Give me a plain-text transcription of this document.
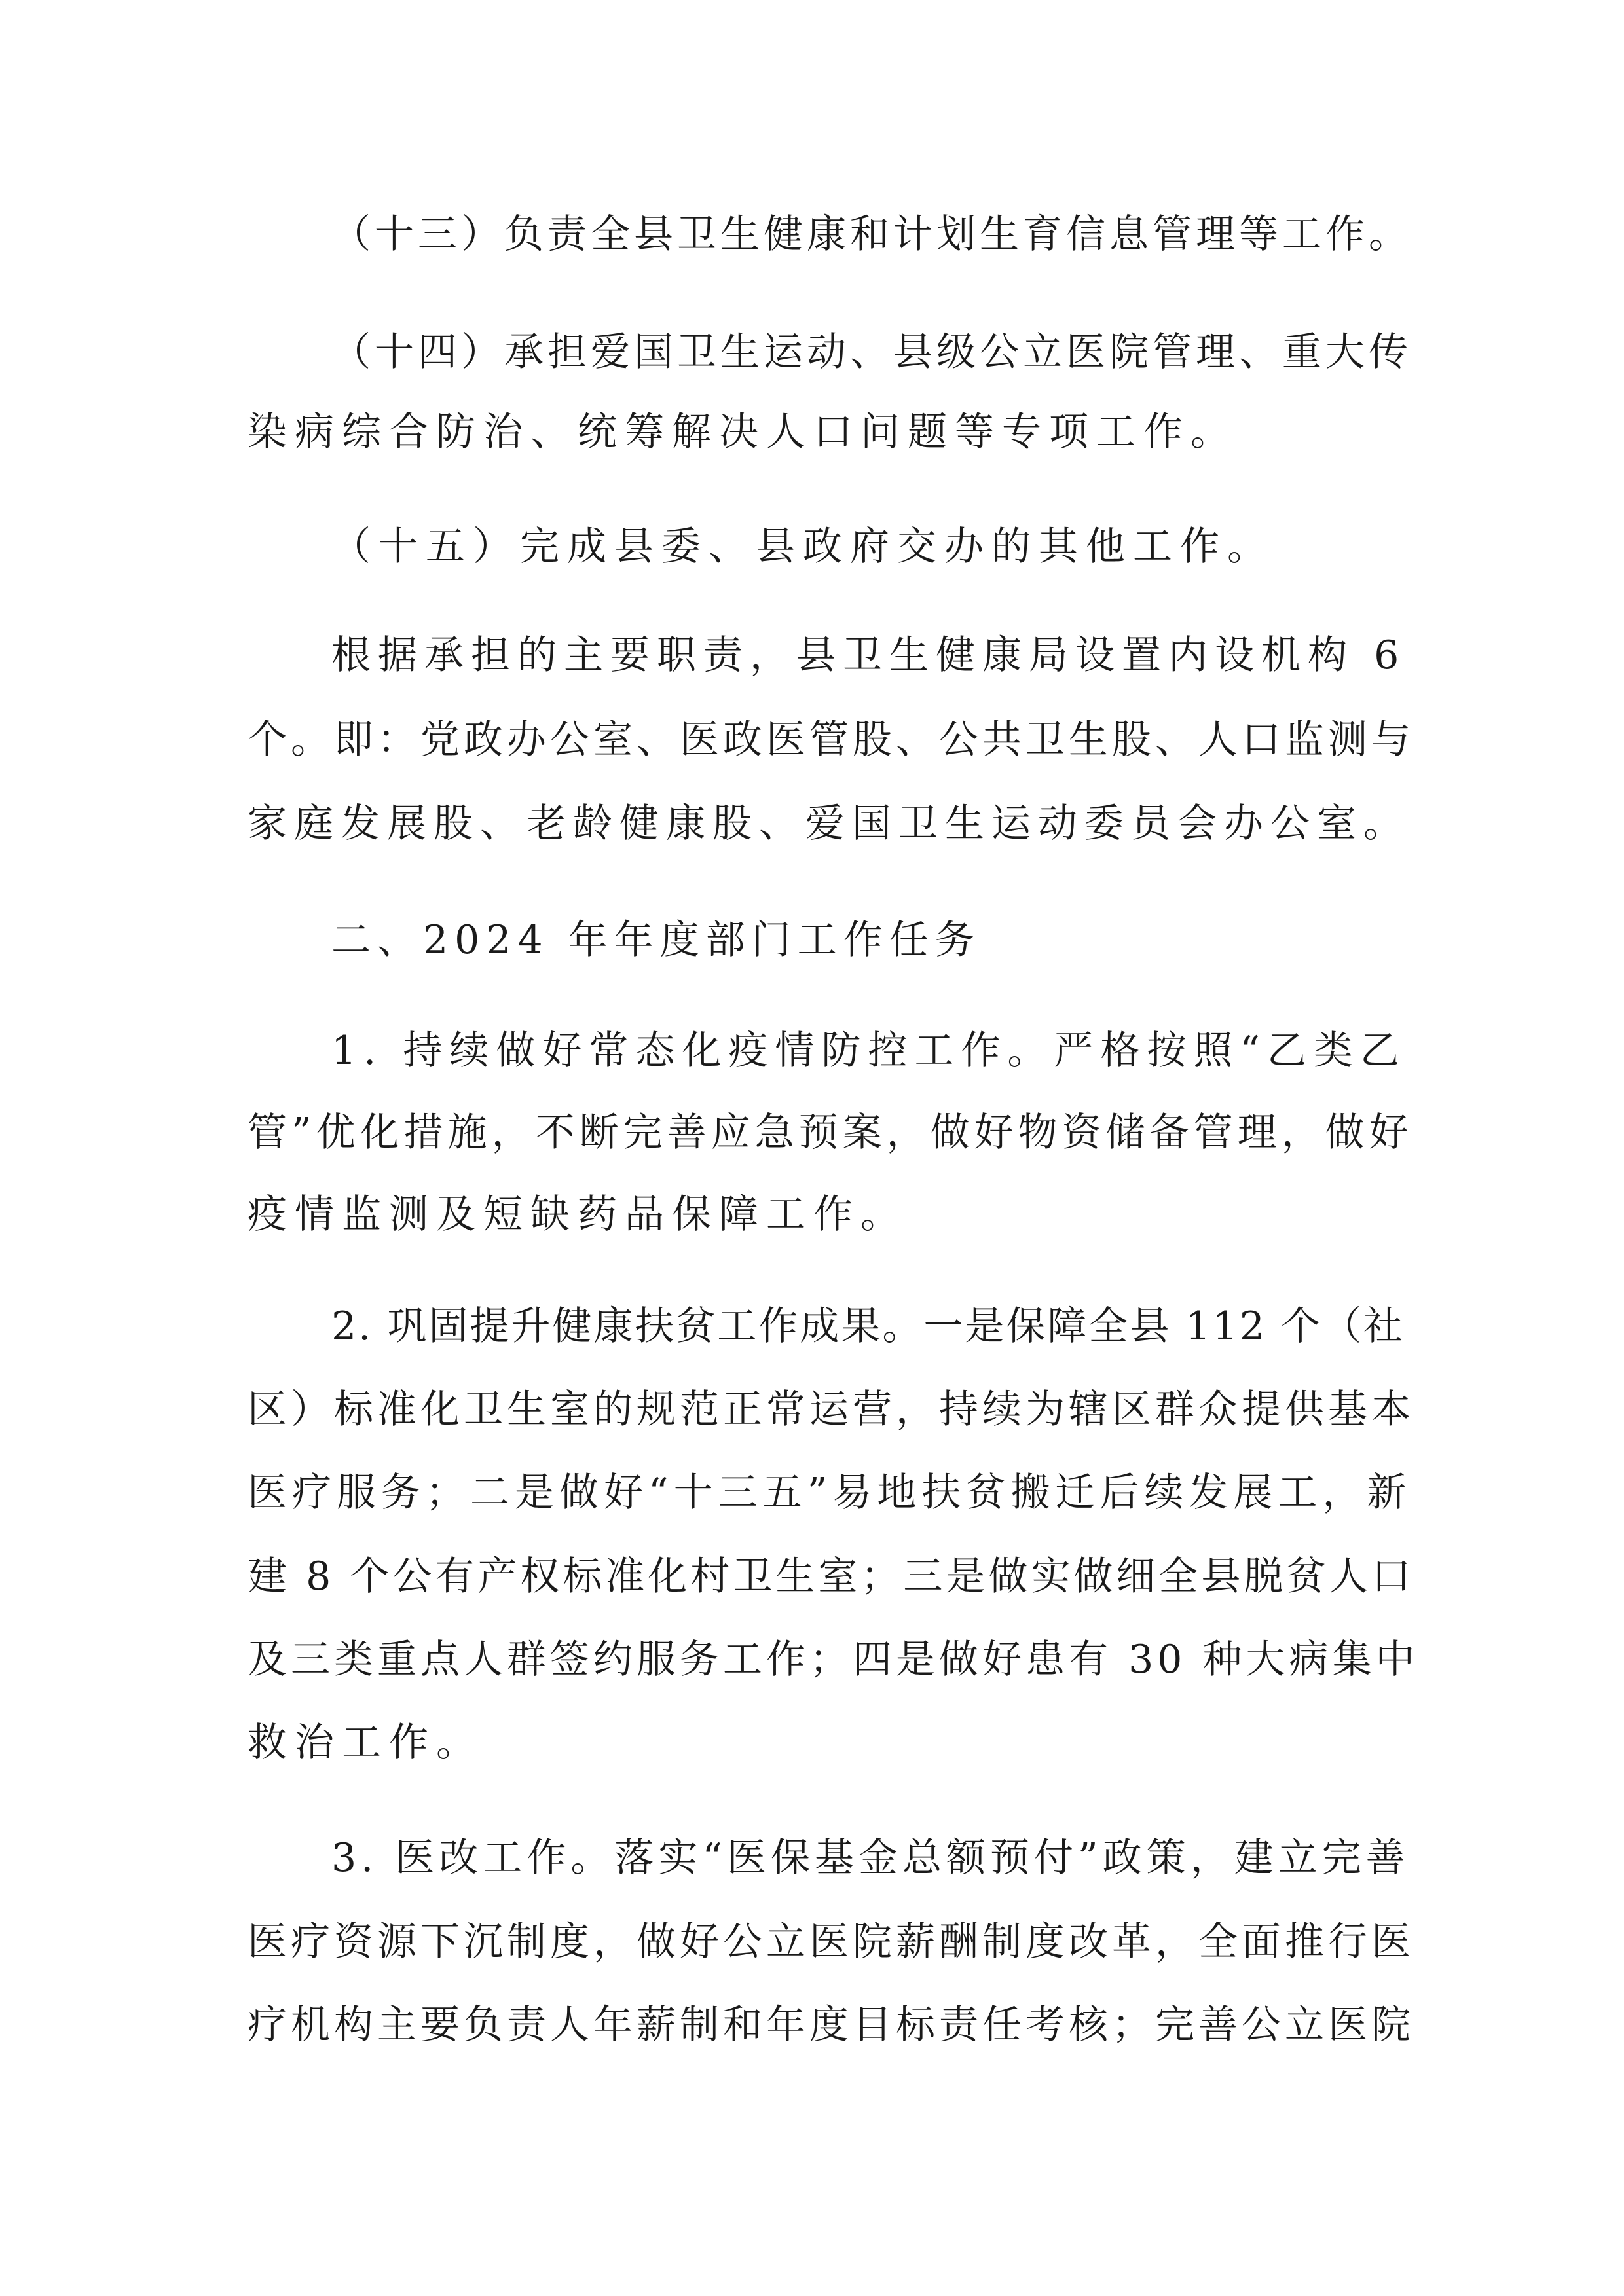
（十三）负责全县卫生健康和计划生育信息管理等工作。
（十四）承担爱国卫生运动、县级公立医院管理、重大传
染病综合防治、统筹解决人口问题等专项工作。
（十五）完成县委、县政府交办的其他工作。
根据承担的主要职责，县卫生健康局设置内设机构 6
个。即：党政办公室、医政医管股、公共卫生股、人口监测与
家庭发展股、老龄健康股、爱国卫生运动委员会办公室。
二、2024 年年度部门工作任务
1. 持续做好常态化疫情防控工作。严格按照“乙类乙
管”优化措施，不断完善应急预案，做好物资储备管理，做好
疫情监测及短缺药品保障工作。
2. 巩固提升健康扶贫工作成果。一是保障全县 112 个（社
区）标准化卫生室的规范正常运营，持续为辖区群众提供基本
医疗服务；二是做好“十三五”易地扶贫搬迁后续发展工，新
建 8 个公有产权标准化村卫生室；三是做实做细全县脱贫人口
及三类重点人群签约服务工作；四是做好患有 30 种大病集中
救治工作。
3. 医改工作。落实“医保基金总额预付”政策，建立完善
医疗资源下沉制度，做好公立医院薪酬制度改革，全面推行医
疗机构主要负责人年薪制和年度目标责任考核；完善公立医院
